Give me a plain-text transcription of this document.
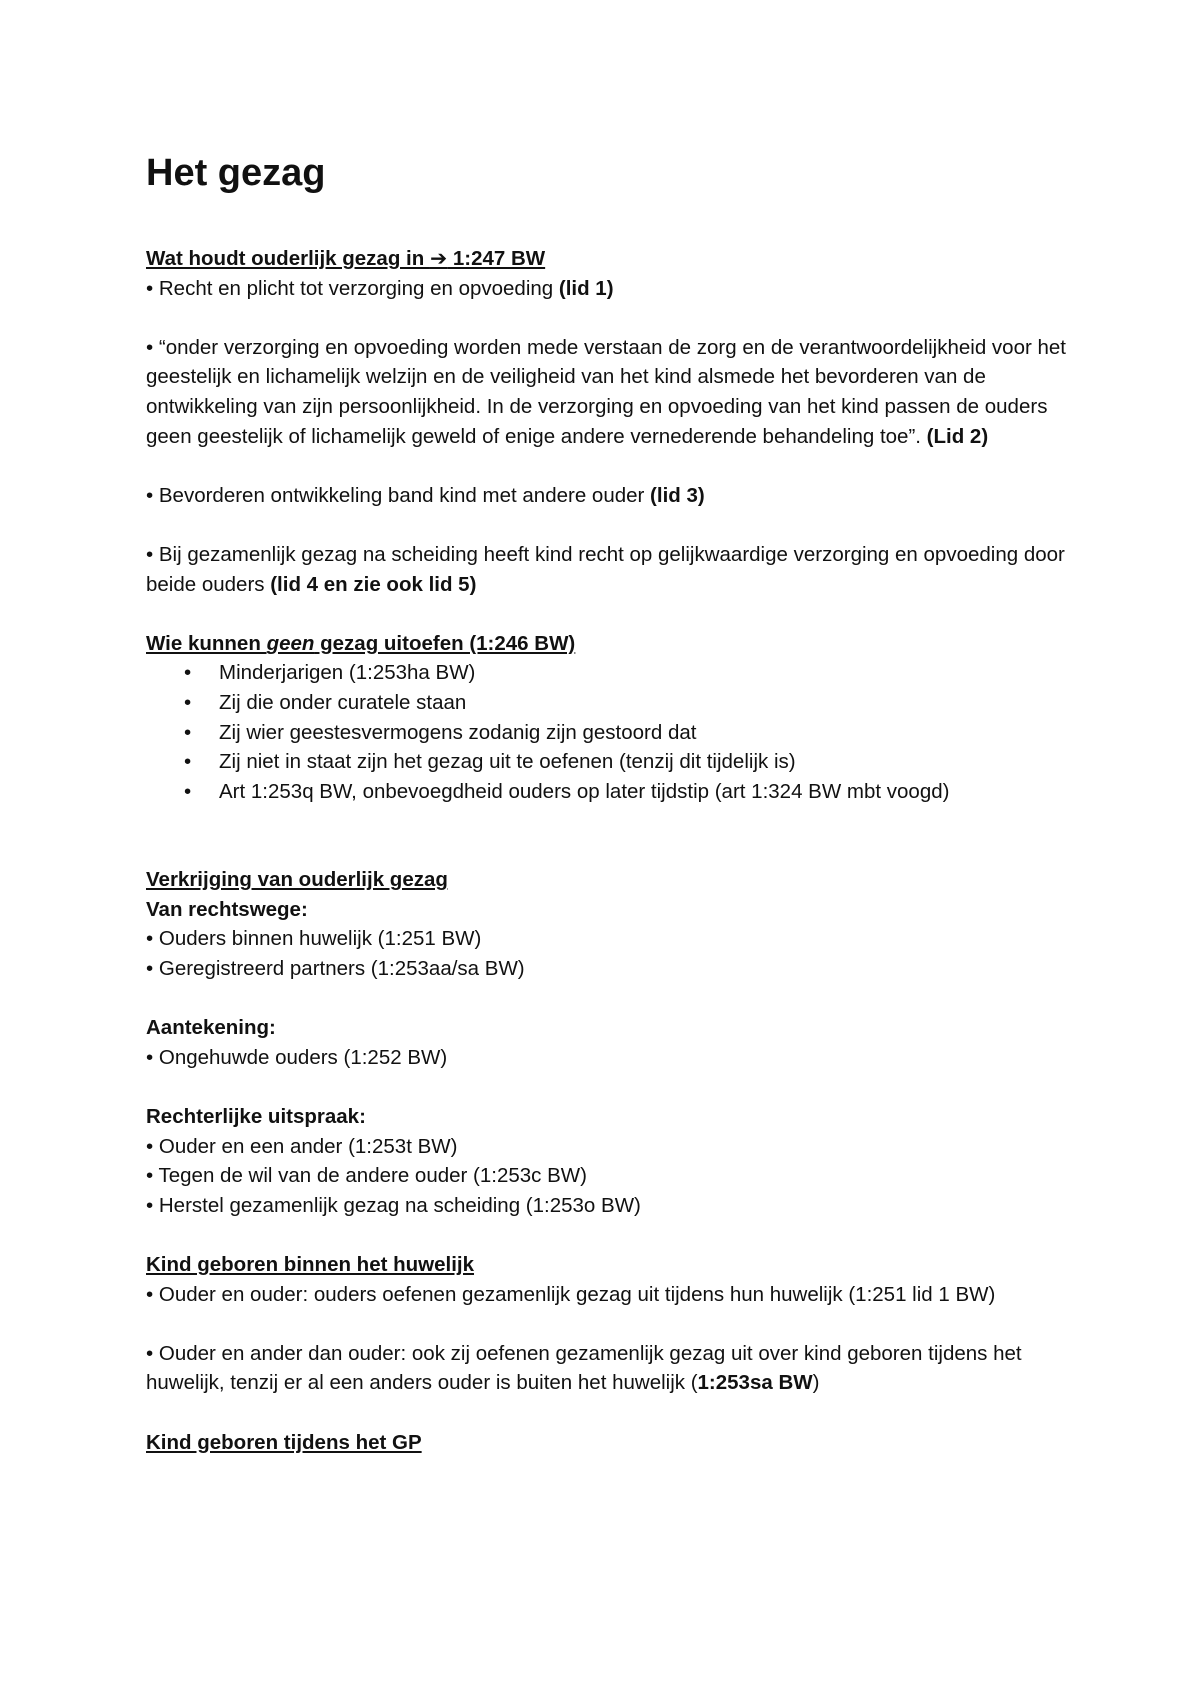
Het gezag

Wat houdt ouderlijk gezag in ➔ 1:247 BW

• Recht en plicht tot verzorging en opvoeding (lid 1)

• “onder verzorging en opvoeding worden mede verstaan de zorg en de verantwoordelijkheid voor het geestelijk en lichamelijk welzijn en de veiligheid van het kind alsmede het bevorderen van de ontwikkeling van zijn persoonlijkheid. In de verzorging en opvoeding van het kind passen de ouders geen geestelijk of lichamelijk geweld of enige andere vernederende behandeling toe”. (Lid 2)

• Bevorderen ontwikkeling band kind met andere ouder (lid 3)

• Bij gezamenlijk gezag na scheiding heeft kind recht op gelijkwaardige verzorging en opvoeding door beide ouders (lid 4 en zie ook lid 5)

Wie kunnen geen gezag uitoefen (1:246 BW)

• Minderjarigen (1:253ha BW)
• Zij die onder curatele staan
• Zij wier geestesvermogens zodanig zijn gestoord dat
• Zij niet in staat zijn het gezag uit te oefenen (tenzij dit tijdelijk is)
• Art 1:253q BW, onbevoegdheid ouders op later tijdstip (art 1:324 BW mbt voogd)

Verkrijging van ouderlijk gezag

Van rechtswege:

• Ouders binnen huwelijk (1:251 BW)

• Geregistreerd partners (1:253aa/sa BW)

Aantekening:

• Ongehuwde ouders (1:252 BW)

Rechterlijke uitspraak:

• Ouder en een ander (1:253t BW)

• Tegen de wil van de andere ouder (1:253c BW)

• Herstel gezamenlijk gezag na scheiding (1:253o BW)

Kind geboren binnen het huwelijk

• Ouder en ouder: ouders oefenen gezamenlijk gezag uit tijdens hun huwelijk (1:251 lid 1 BW)

• Ouder en ander dan ouder: ook zij oefenen gezamenlijk gezag uit over kind geboren tijdens het huwelijk, tenzij er al een anders ouder is buiten het huwelijk (1:253sa BW)

Kind geboren tijdens het GP
